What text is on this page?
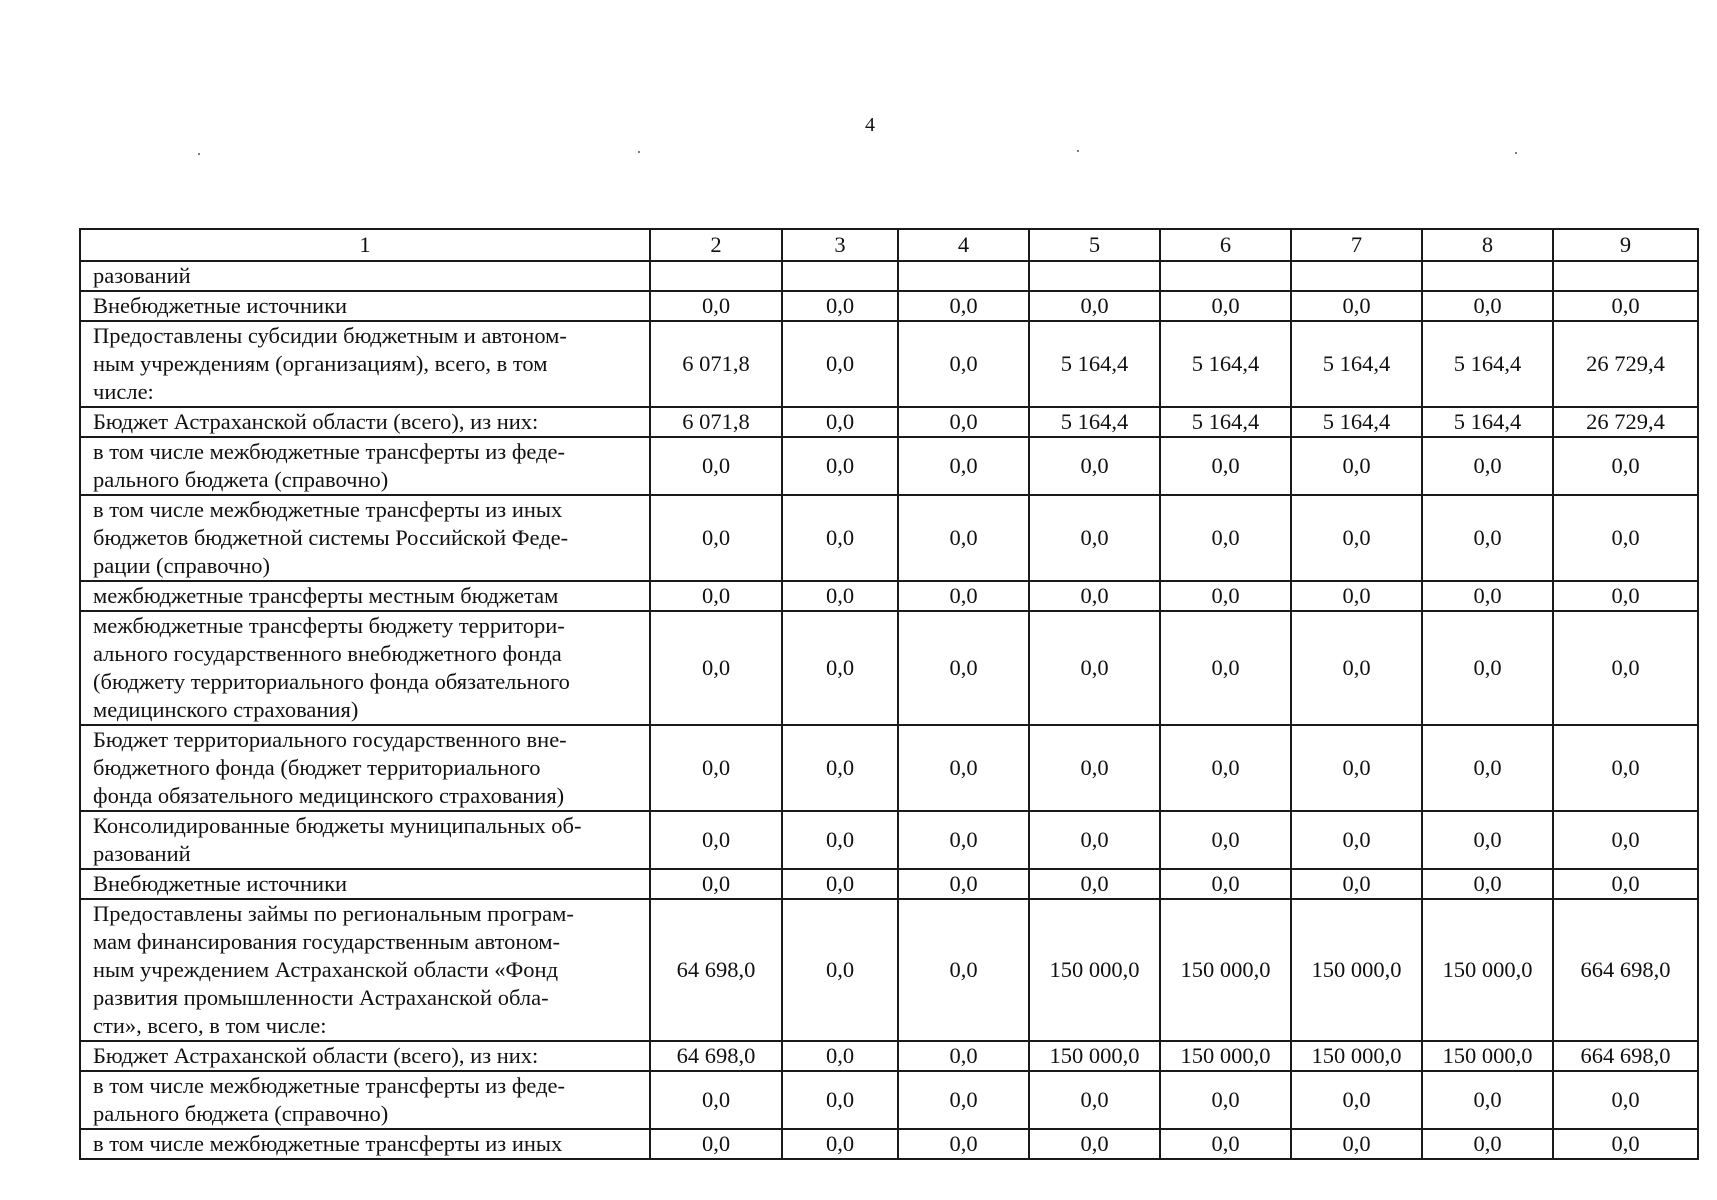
4
1	2	3	4	5	6	7	8	9
разований								
Внебюджетные источники	0,0	0,0	0,0	0,0	0,0	0,0	0,0	0,0
Предоставлены субсидии бюджетным и автоном-
ным учреждениям (организациям), всего, в том
числе:	6 071,8	0,0	0,0	5 164,4	5 164,4	5 164,4	5 164,4	26 729,4
Бюджет Астраханской области (всего), из них:	6 071,8	0,0	0,0	5 164,4	5 164,4	5 164,4	5 164,4	26 729,4
в том числе межбюджетные трансферты из феде-
рального бюджета (справочно)	0,0	0,0	0,0	0,0	0,0	0,0	0,0	0,0
в том числе межбюджетные трансферты из иных
бюджетов бюджетной системы Российской Феде-
рации (справочно)	0,0	0,0	0,0	0,0	0,0	0,0	0,0	0,0
межбюджетные трансферты местным бюджетам	0,0	0,0	0,0	0,0	0,0	0,0	0,0	0,0
межбюджетные трансферты бюджету территори-
ального государственного внебюджетного фонда
(бюджету территориального фонда обязательного
медицинского страхования)	0,0	0,0	0,0	0,0	0,0	0,0	0,0	0,0
Бюджет территориального государственного вне-
бюджетного фонда (бюджет территориального
фонда обязательного медицинского страхования)	0,0	0,0	0,0	0,0	0,0	0,0	0,0	0,0
Консолидированные бюджеты муниципальных об-
разований	0,0	0,0	0,0	0,0	0,0	0,0	0,0	0,0
Внебюджетные источники	0,0	0,0	0,0	0,0	0,0	0,0	0,0	0,0
Предоставлены займы по региональным програм-
мам финансирования государственным автоном-
ным учреждением Астраханской области «Фонд
развития промышленности Астраханской обла-
сти», всего, в том числе:	64 698,0	0,0	0,0	150 000,0	150 000,0	150 000,0	150 000,0	664 698,0
Бюджет Астраханской области (всего), из них:	64 698,0	0,0	0,0	150 000,0	150 000,0	150 000,0	150 000,0	664 698,0
в том числе межбюджетные трансферты из феде-
рального бюджета (справочно)	0,0	0,0	0,0	0,0	0,0	0,0	0,0	0,0
в том числе межбюджетные трансферты из иных	0,0	0,0	0,0	0,0	0,0	0,0	0,0	0,0
